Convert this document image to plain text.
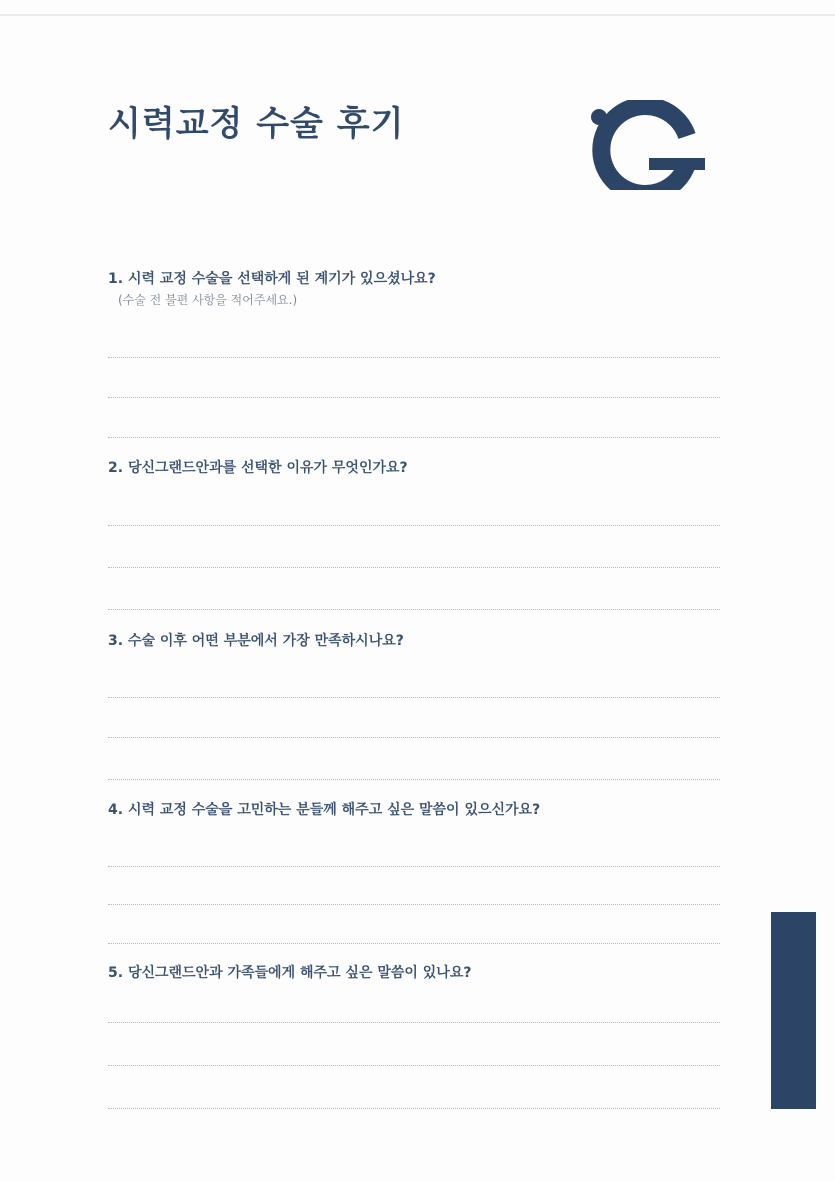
시력교정 수술 후기
1. 시력 교정 수술을 선택하게 된 계기가 있으셨나요?
(수술 전 불편 사항을 적어주세요.)

2. 당신그랜드안과를 선택한 이유가 무엇인가요?

3. 수술 이후 어떤 부분에서 가장 만족하시나요?

4. 시력 교정 수술을 고민하는 분들께 해주고 싶은 말씀이 있으신가요?

5. 당신그랜드안과 가족들에게 해주고 싶은 말씀이 있나요?
